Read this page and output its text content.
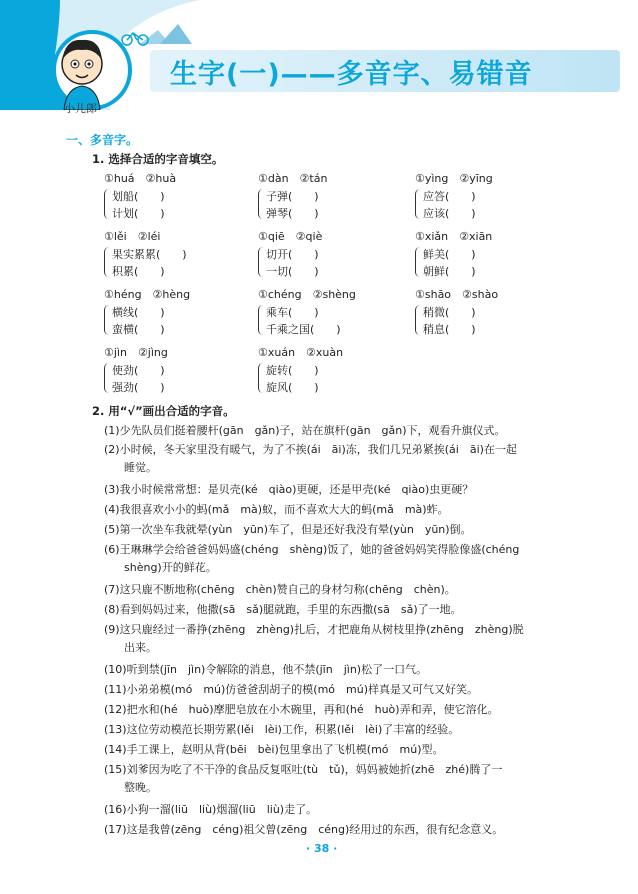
生字(一)——多音字、易错音
小儿郎
一、多音字。
1. 选择合适的字音填空。
①huá　②huà
划船(　　)
计划(　　)
①dàn　②tán
子弹(　　)
弹琴(　　)
①yìng　②yīng
应答(　　)
应该(　　)
①lěi　②léi
果实累累(　　)
积累(　　)
①qiē　②qiè
切开(　　)
一切(　　)
①xiǎn　②xiān
鲜美(　　)
朝鲜(　　)
①héng　②hèng
横线(　　)
蛮横(　　)
①chéng　②shèng
乘车(　　)
千乘之国(　　)
①shāo　②shào
稍微(　　)
稍息(　　)
①jìn　②jìng
使劲(　　)
强劲(　　)
①xuán　②xuàn
旋转(　　)
旋风(　　)
2. 用“√”画出合适的字音。
(1)少先队员们挺着腰杆(gān　gǎn)子，站在旗杆(gān　gǎn)下，观看升旗仪式。
(2)小时候，冬天家里没有暖气，为了不挨(ái　āi)冻，我们几兄弟紧挨(ái　āi)在一起
睡觉。
(3)我小时候常常想：是贝壳(ké　qiào)更硬，还是甲壳(ké　qiào)虫更硬？
(4)我很喜欢小小的蚂(mǎ　mà)蚁，而不喜欢大大的蚂(mǎ　mà)蚱。
(5)第一次坐车我就晕(yùn　yūn)车了，但是还好我没有晕(yùn　yūn)倒。
(6)王琳琳学会给爸爸妈妈盛(chéng　shèng)饭了，她的爸爸妈妈笑得脸像盛(chéng
shèng)开的鲜花。
(7)这只鹿不断地称(chēng　chèn)赞自己的身材匀称(chēng　chèn)。
(8)看到妈妈过来，他撒(sā　sǎ)腿就跑，手里的东西撒(sā　sǎ)了一地。
(9)这只鹿经过一番挣(zhēng　zhèng)扎后，才把鹿角从树枝里挣(zhēng　zhèng)脱
出来。
(10)听到禁(jīn　jìn)令解除的消息，他不禁(jīn　jìn)松了一口气。
(11)小弟弟模(mó　mú)仿爸爸刮胡子的模(mó　mú)样真是又可气又好笑。
(12)把水和(hé　huò)摩肥皂放在小木碗里，再和(hé　huò)弄和弄，使它溶化。
(13)这位劳动模范长期劳累(lěi　lèi)工作，积累(lěi　lèi)了丰富的经验。
(14)手工课上，赵明从背(bēi　bèi)包里拿出了飞机模(mó　mú)型。
(15)刘爹因为吃了不干净的食品反复呕吐(tù　tǔ)，妈妈被她折(zhē　zhé)腾了一
整晚。
(16)小狗一溜(liū　liù)烟溜(liū　liù)走了。
(17)这是我曾(zēng　céng)祖父曾(zēng　céng)经用过的东西，很有纪念意义。
· 38 ·
